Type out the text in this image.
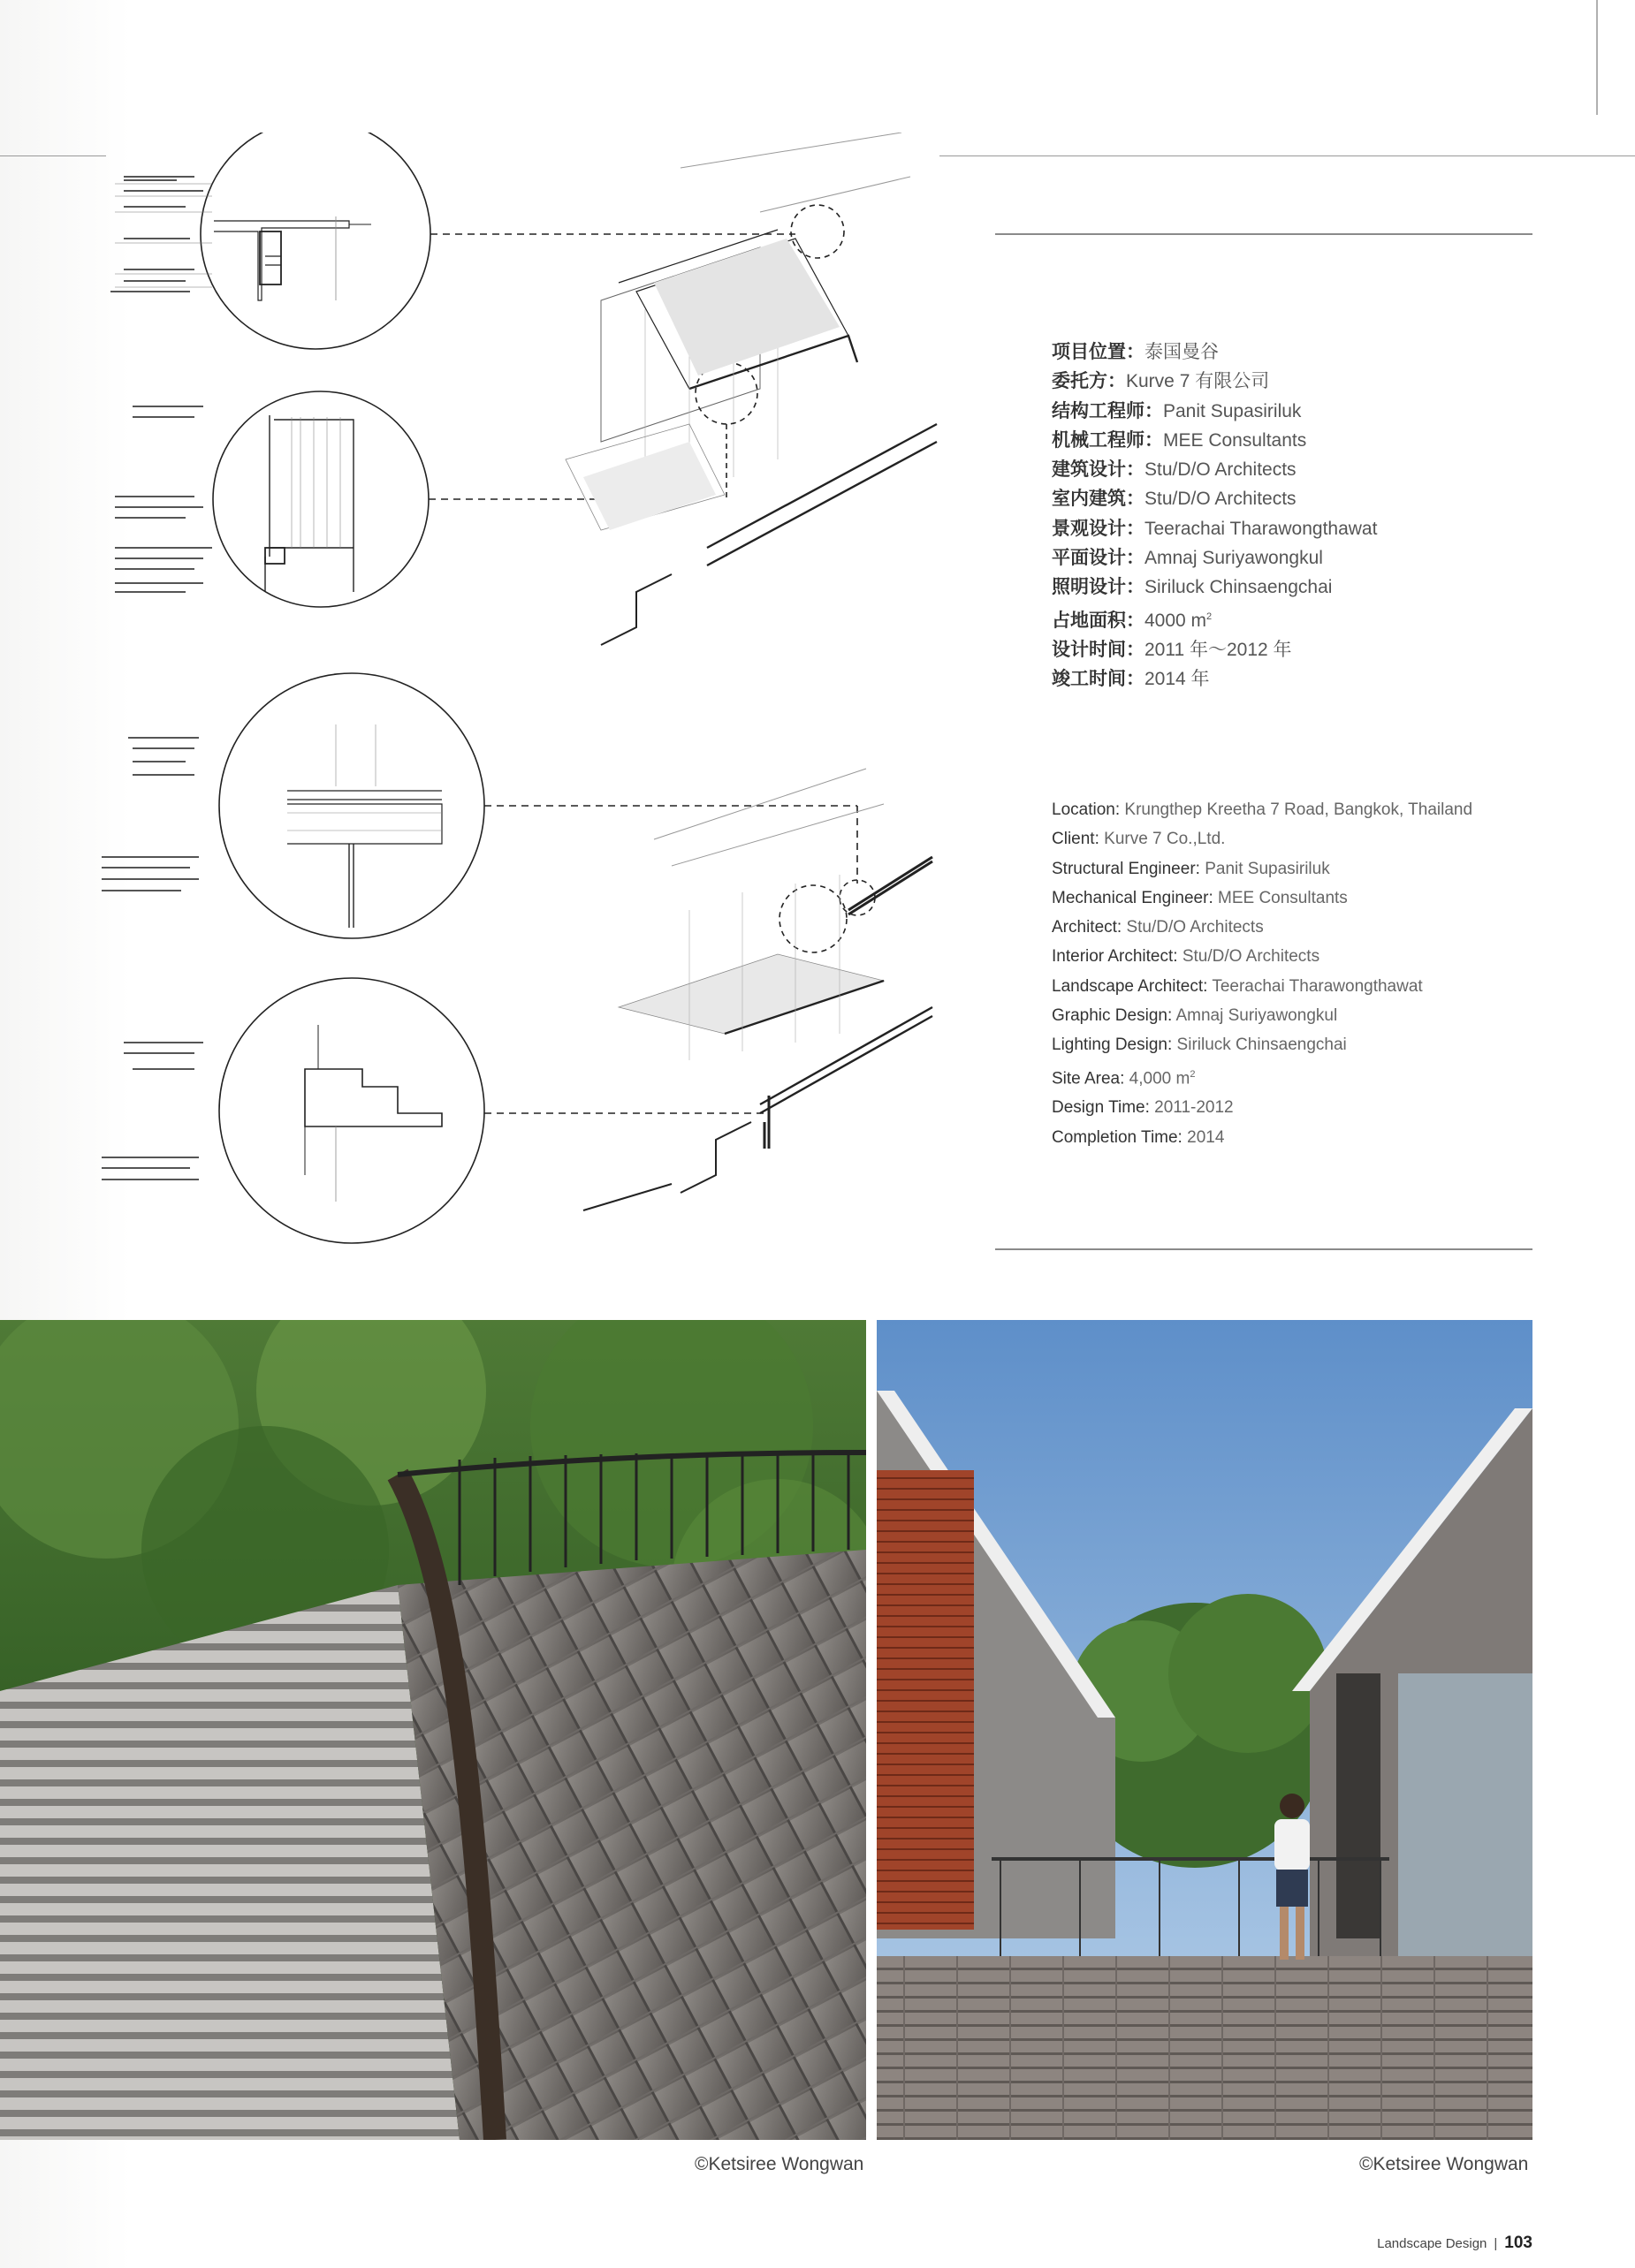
项目位置：泰国曼谷
委托方：Kurve 7 有限公司
结构工程师：Panit Supasiriluk
机械工程师：MEE Consultants
建筑设计：Stu/D/O Architects
室内建筑：Stu/D/O Architects
景观设计：Teerachai Tharawongthawat
平面设计：Amnaj Suriyawongkul
照明设计：Siriluck Chinsaengchai
占地面积：4000 $m^2$
设计时间：2011 年～2012 年
竣工时间：2014 年
Location: Krungthep Kreetha 7 Road, Bangkok, Thailand
Client: Kurve 7 Co.,Ltd.
Structural Engineer: Panit Supasiriluk
Mechanical Engineer: MEE Consultants
Architect: Stu/D/O Architects
Interior Architect: Stu/D/O Architects
Landscape Architect: Teerachai Tharawongthawat
Graphic Design: Amnaj Suriyawongkul
Lighting Design: Siriluck Chinsaengchai
Site Area: 4,000 $m^2$
Design Time: 2011-2012
Completion Time: 2014
©Ketsiree Wongwan	©Ketsiree Wongwan
Landscape Design | 103
